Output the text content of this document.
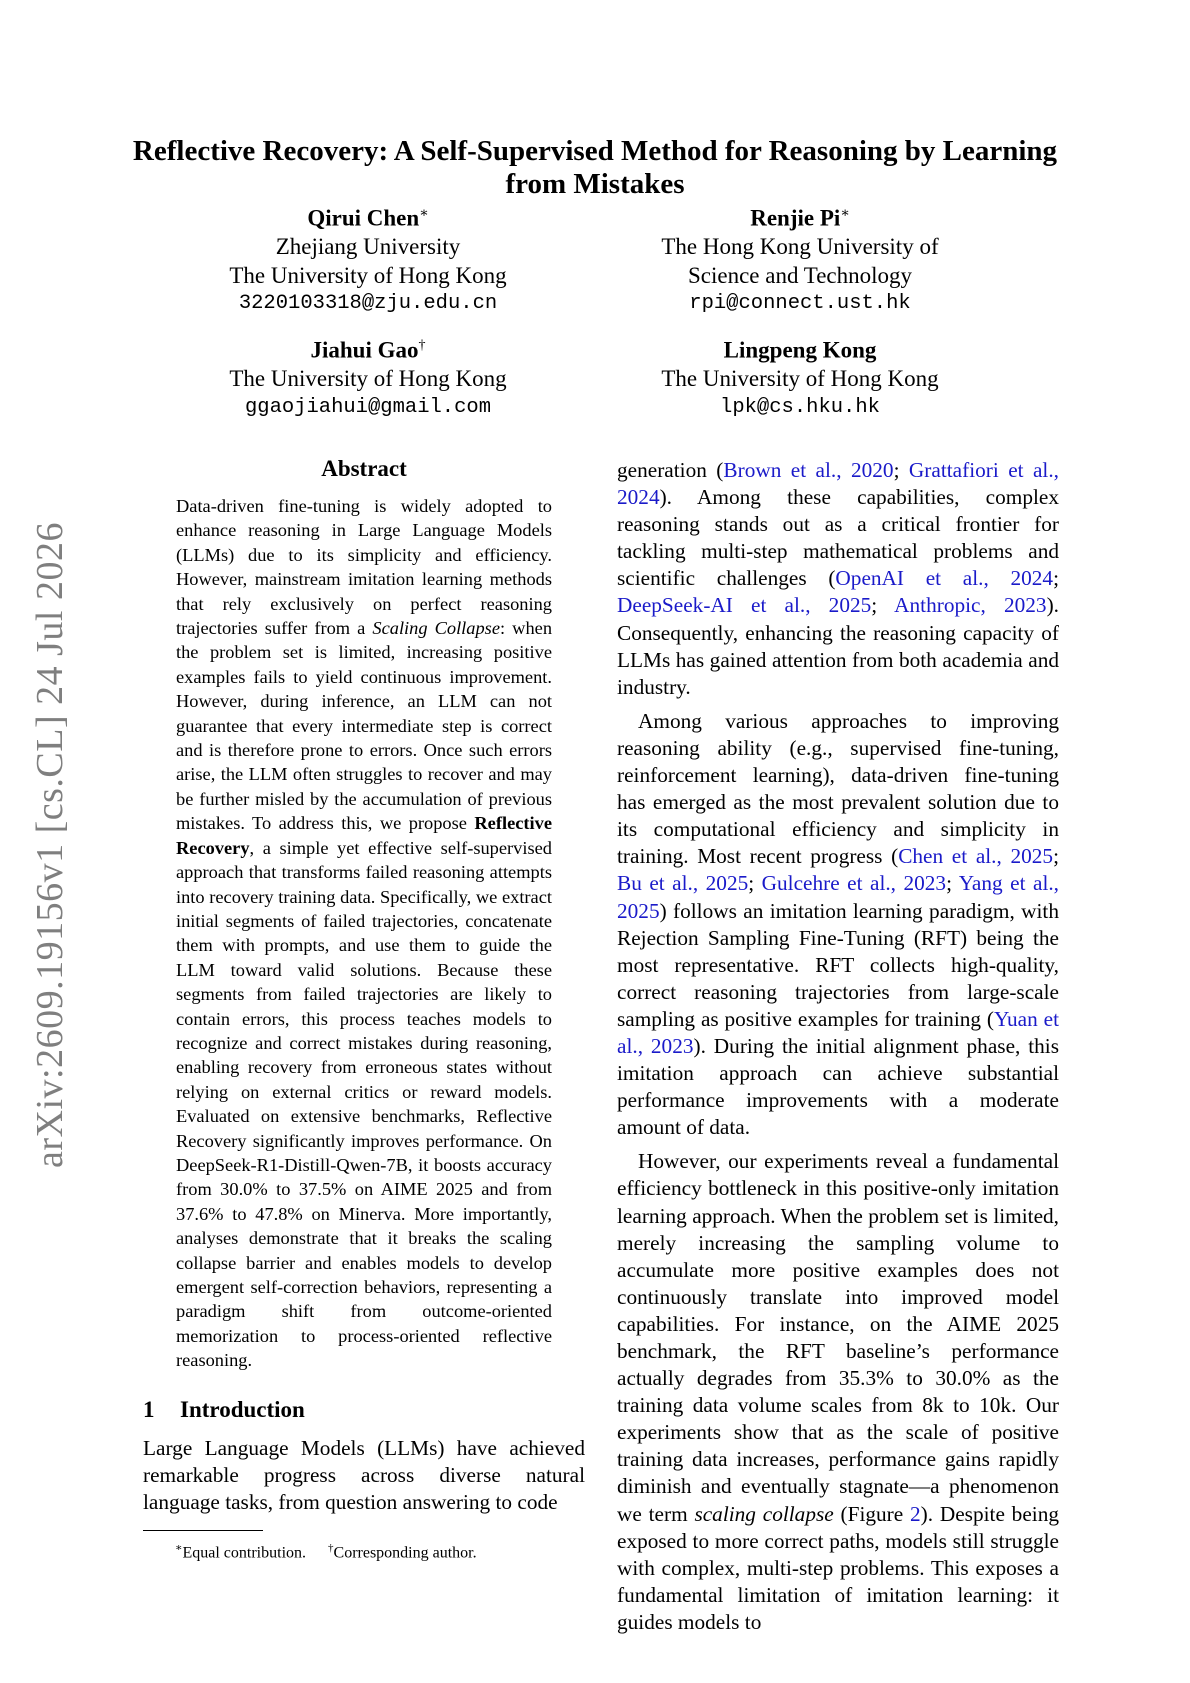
arXiv:2609.19156v1 [cs.CL] 24 Jul 2026
Reflective Recovery: A Self-Supervised Method for Reasoning by Learning from Mistakes
Qirui Chen∗
Zhejiang University
The University of Hong Kong
3220103318@zju.edu.cn
Renjie Pi∗
The Hong Kong University of
Science and Technology
rpi@connect.ust.hk
Jiahui Gao†
The University of Hong Kong
ggaojiahui@gmail.com
Lingpeng Kong
The University of Hong Kong
lpk@cs.hku.hk
Abstract

Data-driven fine-tuning is widely adopted to enhance reasoning in Large Language Models (LLMs) due to its simplicity and efficiency. However, mainstream imitation learning methods that rely exclusively on perfect reasoning trajectories suffer from a Scaling Collapse: when the problem set is limited, increasing positive examples fails to yield continuous improvement. However, during inference, an LLM can not guarantee that every intermediate step is correct and is therefore prone to errors. Once such errors arise, the LLM often struggles to recover and may be further misled by the accumulation of previous mistakes. To address this, we propose Reflective Recovery, a simple yet effective self-supervised approach that transforms failed reasoning attempts into recovery training data. Specifically, we extract initial segments of failed trajectories, concatenate them with prompts, and use them to guide the LLM toward valid solutions. Because these segments from failed trajectories are likely to contain errors, this process teaches models to recognize and correct mistakes during reasoning, enabling recovery from erroneous states without relying on external critics or reward models. Evaluated on extensive benchmarks, Reflective Recovery significantly improves performance. On DeepSeek-R1-Distill-Qwen-7B, it boosts accuracy from 30.0% to 37.5% on AIME 2025 and from 37.6% to 47.8% on Minerva. More importantly, analyses demonstrate that it breaks the scaling collapse barrier and enables models to develop emergent self-correction behaviors, representing a paradigm shift from outcome-oriented memorization to process-oriented reflective reasoning.

1 Introduction

Large Language Models (LLMs) have achieved remarkable progress across diverse natural language tasks, from question answering to code

∗Equal contribution. †Corresponding author.

generation (Brown et al., 2020; Grattafiori et al., 2024). Among these capabilities, complex reasoning stands out as a critical frontier for tackling multi-step mathematical problems and scientific challenges (OpenAI et al., 2024; DeepSeek-AI et al., 2025; Anthropic, 2023). Consequently, enhancing the reasoning capacity of LLMs has gained attention from both academia and industry.

Among various approaches to improving reasoning ability (e.g., supervised fine-tuning, reinforcement learning), data-driven fine-tuning has emerged as the most prevalent solution due to its computational efficiency and simplicity in training. Most recent progress (Chen et al., 2025; Bu et al., 2025; Gulcehre et al., 2023; Yang et al., 2025) follows an imitation learning paradigm, with Rejection Sampling Fine-Tuning (RFT) being the most representative. RFT collects high-quality, correct reasoning trajectories from large-scale sampling as positive examples for training (Yuan et al., 2023). During the initial alignment phase, this imitation approach can achieve substantial performance improvements with a moderate amount of data.

However, our experiments reveal a fundamental efficiency bottleneck in this positive-only imitation learning approach. When the problem set is limited, merely increasing the sampling volume to accumulate more positive examples does not continuously translate into improved model capabilities. For instance, on the AIME 2025 benchmark, the RFT baseline’s performance actually degrades from 35.3% to 30.0% as the training data volume scales from 8k to 10k. Our experiments show that as the scale of positive training data increases, performance gains rapidly diminish and eventually stagnate—a phenomenon we term scaling collapse (Figure 2). Despite being exposed to more correct paths, models still struggle with complex, multi-step problems. This exposes a fundamental limitation of imitation learning: it guides models to
